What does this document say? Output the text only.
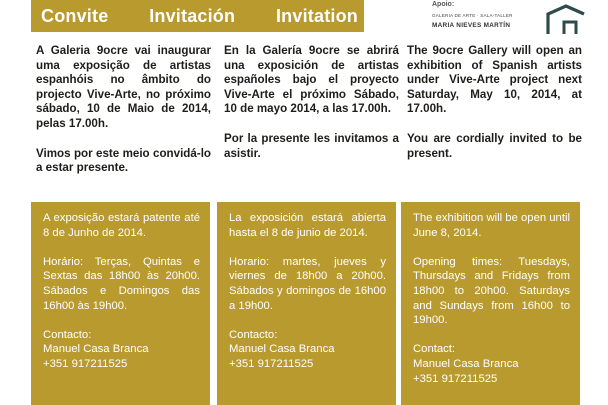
Convite Invitación Invitation
Apoio:
GALERIA DE ARTE · SALA-TALLER
MARIA NIEVES MARTÍN

A Galeria 9ocre vai inaugurar uma exposição de artistas espanhóis no âmbito do projecto Vive-Arte, no próximo sábado, 10 de Maio de 2014, pelas 17.00h.

Vimos por este meio convidá-lo a estar presente.

En la Galería 9ocre se abrirá una exposición de artistas españoles bajo el proyecto Vive-Arte el próximo Sábado, 10 de mayo 2014, a las 17.00h.

Por la presente les invitamos a asistir.

The 9ocre Gallery will open an exhibition of Spanish artists under Vive-Arte project next Saturday, May 10, 2014, at 17.00h.

You are cordially invited to be present.

A exposição estará patente até 8 de Junho de 2014.

Horário: Terças, Quintas e Sextas das 18h00 às 20h00. Sábados e Domingos das 16h00 às 19h00.

Contacto:

Manuel Casa Branca

+351 917211525

La exposición estará abierta hasta el 8 de junio de 2014.

Horario: martes, jueves y viernes de 18h00 a 20h00. Sábados y domingos de 16h00 a 19h00.

Contacto:

Manuel Casa Branca

+351 917211525

The exhibition will be open until June 8, 2014.

Opening times: Tuesdays, Thursdays and Fridays from 18h00 to 20h00. Saturdays and Sundays from 16h00 to 19h00.

Contact:

Manuel Casa Branca

+351 917211525
